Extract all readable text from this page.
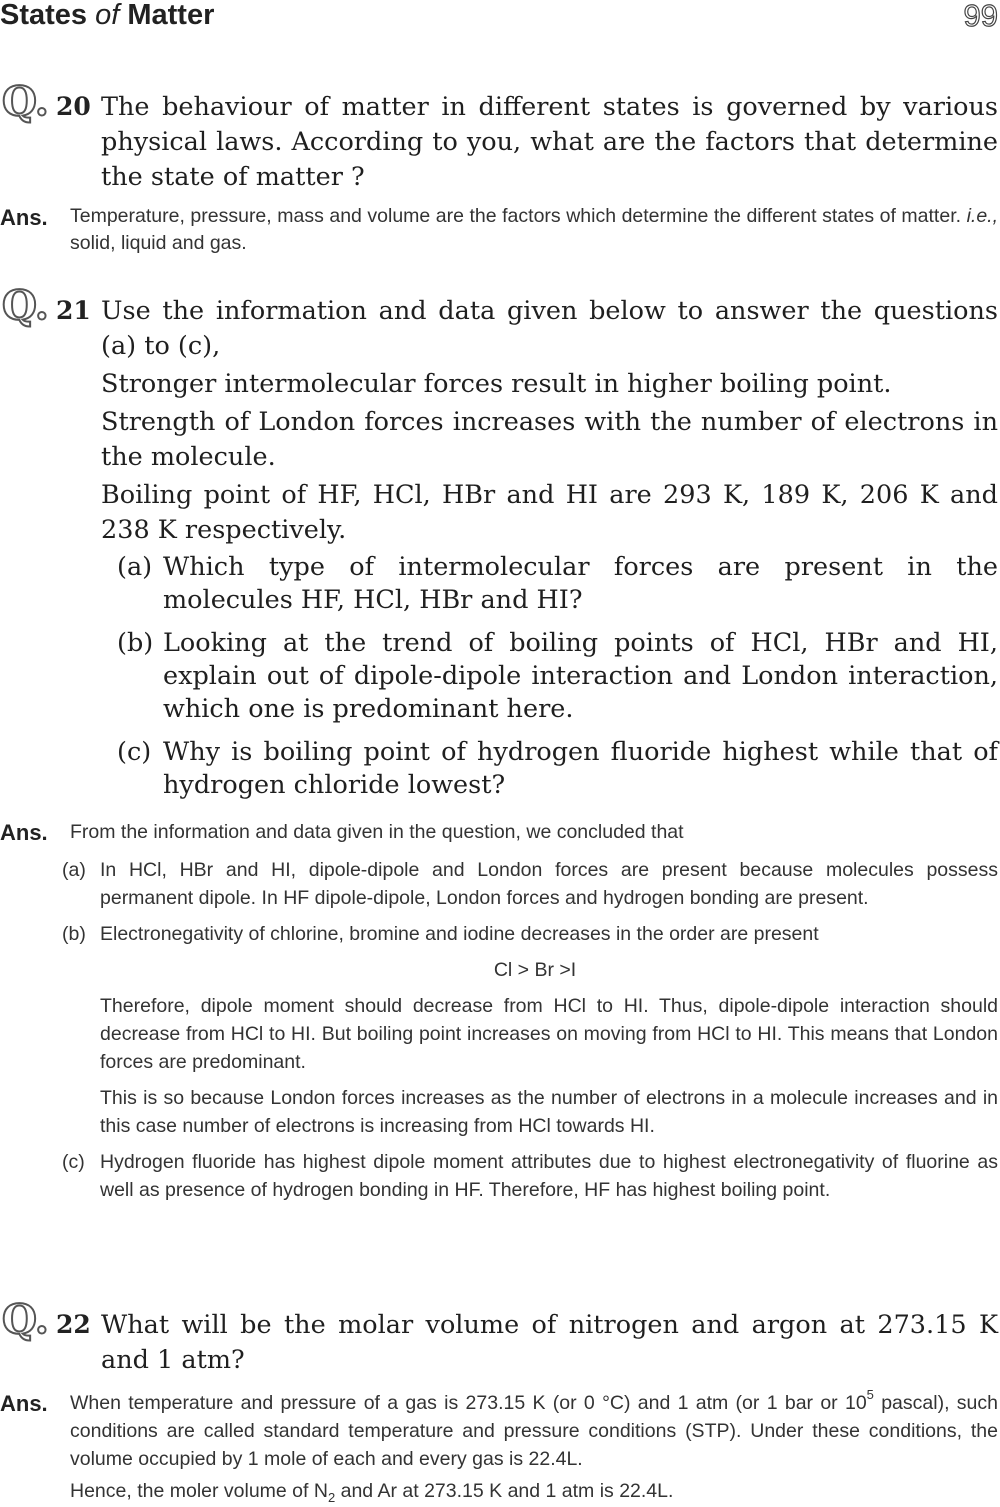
States of Matter	99
Q. 20 The behaviour of matter in different states is governed by various physical laws. According to you, what are the factors that determine the state of matter ?

Ans. Temperature, pressure, mass and volume are the factors which determine the different states of matter. i.e., solid, liquid and gas.

Q. 21 Use the information and data given below to answer the questions (a) to (c),

Stronger intermolecular forces result in higher boiling point.

Strength of London forces increases with the number of electrons in the molecule.

Boiling point of HF, HCl, HBr and HI are 293 K, 189 K, 206 K and 238 K respectively.

(a) Which type of intermolecular forces are present in the molecules HF, HCl, HBr and HI?
(b) Looking at the trend of boiling points of HCl, HBr and HI, explain out of dipole-dipole interaction and London interaction, which one is predominant here.
(c) Why is boiling point of hydrogen fluoride highest while that of hydrogen chloride lowest?
Ans. From the information and data given in the question, we concluded that

(a) In HCl, HBr and HI, dipole-dipole and London forces are present because molecules possess permanent dipole. In HF dipole-dipole, London forces and hydrogen bonding are present.

(b) Electronegativity of chlorine, bromine and iodine decreases in the order are present

Cl > Br >I

Therefore, dipole moment should decrease from HCl to HI. Thus, dipole-dipole interaction should decrease from HCl to HI. But boiling point increases on moving from HCl to HI. This means that London forces are predominant.

This is so because London forces increases as the number of electrons in a molecule increases and in this case number of electrons is increasing from HCl towards HI.

(c) Hydrogen fluoride has highest dipole moment attributes due to highest electronegativity of fluorine as well as presence of hydrogen bonding in HF. Therefore, HF has highest boiling point.

Q. 22 What will be the molar volume of nitrogen and argon at 273.15 K and 1 atm?

Ans. When temperature and pressure of a gas is 273.15 K (or 0 °C) and 1 atm (or 1 bar or $10^5$ pascal), such conditions are called standard temperature and pressure conditions (STP). Under these conditions, the volume occupied by 1 mole of each and every gas is 22.4L.

Hence, the moler volume of $N_2$ and Ar at 273.15 K and 1 atm is 22.4L.
